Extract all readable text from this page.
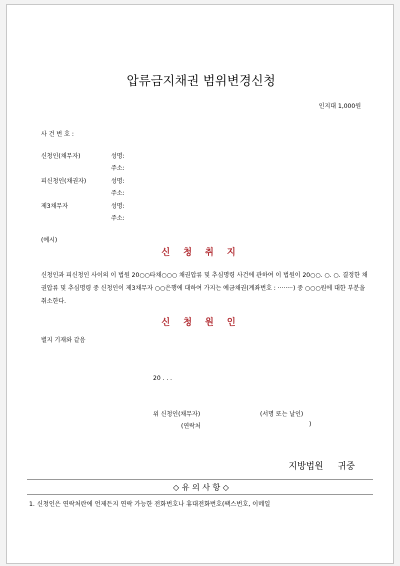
압류금지채권 범위변경신청
인지대 1,000원
사 건 번 호 :
신청인(채무자)	성명:
주소:
피신청인(채권자)	성명:
주소:
제3채무자	성명:
주소:
(예시)
신 청 취 지
신청인과 피신청인 사이의 이 법원 20○○타채○○○ 채권압류 및 추심명령 사건에 관하여 이 법원이 20○○. ○. ○. 결정한 채권압류 및 추심명령 중 신청인이 제3채무자 ○○은행에 대하여 가지는 예금채권(계좌번호 : ········) 중 ○○○원에 대한 부분을 취소한다.
신 청 원 인
별지 기재와 같음
20 . . .
위 신청인(채무자)	(서명 또는 날인)
(연락처	)
지방법원     귀중
◇ 유 의 사 항 ◇
1. 신청인은 연락처란에 언제든지 연락 가능한 전화번호나 휴대전화번호(팩스번호, 이메일
